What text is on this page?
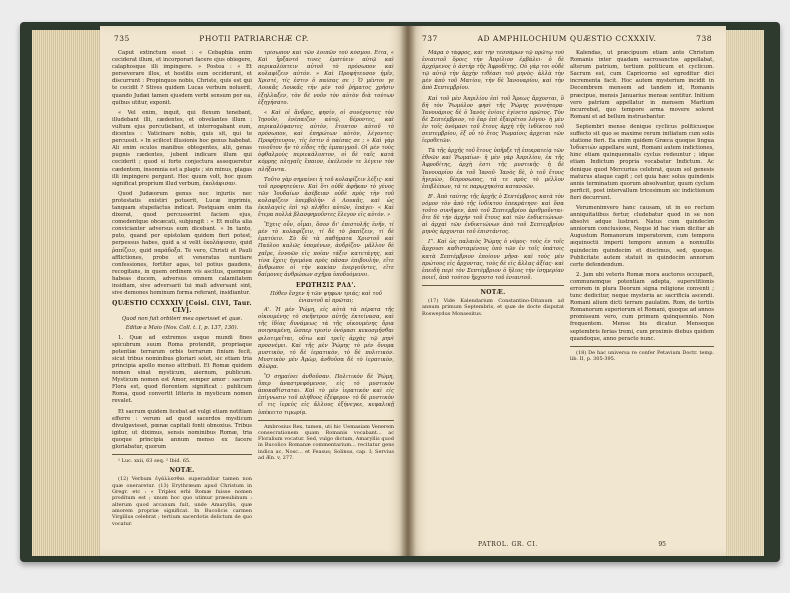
735	PHOTII PATRIARCHÆ CP.

Caput extinctum esset : « Cebaphia enim ceciderat illum, et incorporari facere ejus obiegere, calaphosque illi impingere. » Postea : « Et perseverare illos, et hostilis eum occiderunt, et discurrunt : Propinquos nobis, Christe, quis est qui te cecidit ? Stives quidem Lucas verbum noluerit, quando Judæi tamen ejusdem verbi sensum per ea, quibus utitur, exponit.

« Vel enim, inquit, qui flexum tenebant, illudebant illi, cædentes, et obvelantes illum : vultum ejus percutiebant, et interrogabant eum, dicentes : Vaticinare nobis, quis sit, qui te percussit. » In scilicet illusionis hoc genus habebat. Ali enim oculos manibus obtegentes, alii, genas pugnis cædentes, jubent indicare illum qui ceciderit ; quod si forte conjectura assequeretur cædentem, insomnia est a plagis ; sin minus, plagas illi impingere pergunt. Hoc quum volt, hoc quum significat proprium illud verbum, ἐκολάφισαν.

Quod Judæorum genus nec injuriis nec protestatis existiri potuerit, Lucæ inprimis, tanquam stupefactus indicat. Postquam enim ita dixerat, quod percusserint faciem ejus, comedentque obcæcati, subjungit : « Et multa alia convicianter adversus eum dicebant. » In tanto, puto, quand per epistolam quidem fieri potest, perpessus habes, quid a si velit ἐκολάφισαν, quid ῥαπίζειν, quid παράδοξα. Te vero, Christi et Pauli afflictiones, probe et veneratus nuntiare confessiones, fortiter agas, tel potius gaudens, recogitans, in quem ordinem vis ascitus, quemque habeas ducem, adversus omnem calamitatem insidiam, sive adversarii tui mali adversant sint, sive demones hominum forma referant, insidiantur.

QUÆSTIO CCXXXIV [Coisl. CLVI, Taur. CLV].

Quod non fuit orbiteri mea operisset et quæ.

Editæ a Maio (Nov. Coll. t. I, p. 137, 130).

1. Quæ ad extremos usque mundi fines spicubrum suum Roma protendit, propriaque potentiæ terrarum orbis terrarum finium fecit, sicut tribus nominibus gloriari solet, sic etiam tria principia apollo menso attribuit. Et Romæ quidem nomen sinat mysticum, aiernum, publicum. Mysticum nomen est Amor, semper amor : sacrum Flora est, quod florentem significat : publicum Roma, quod convertit litteris in mysticum nomen revalet.

Et sacrum quidem licebat ad vulgi etiam notitiam efferre : verum ad quod sacerdos mysticum divulgavisset, pœnæ capitali fonti obnoxius. Tribus igitur, ut diximus, sensis nominibus Romæ, tria quoque principia annum menso ex facere gloriabatur, quorum

¹ Luc. xxii, 63 seq. ² Ibid. 65.

NOTÆ.

(12) Verbum ἐγάλλεσθαι superaddiur tamen non quæ oneraretur. (13) Erythræum apud Christum in Gregr. etc : « Triplex erbi Romæ fuisse nomen proditum est ; unum hoc quo utimur præsubinum : alterum quod arcanum fuit, unde Amaryllis, quæ amorem propriæ significat. In Bucolicis carmen Virgilius celebrat ; tertium sacerdotis delictum de quo vocatur.

τρίσωπον καὶ τῶν λοιπῶν τοῦ κόσμου. Εἶτα, « Καὶ ἤρξαντό τινες ἐμπτύειν αὐτῷ καὶ περικαλύπτειν αὐτοῦ τὸ πρόσωπον καὶ κολαφίζειν αὐτόν. » Καὶ Προφήτευσον ἡμῖν, Χριστέ, τίς ἐστιν ὁ παίσας σε ; Ὁ μέντοι γε Λουκᾶς Λουκᾶς τὴν μὲν τοῦ ῥήματος χρῆσιν ἐξηλλαξεν, τὸν δὲ νοῦν τὸν αὐτὸν διὰ τούτων ἐξηγήσατο.

« Καὶ οἱ ἄνδρες, φησίν, οἱ συνέχοντες τὸν Ἰησοῦν, ἐνέπαιζον αὐτῷ, δέροντες, καὶ περικαλύψαντες αὐτὸν, ἔτυπτον αὐτοῦ τὸ πρόσωπον, καὶ ἐπηρώτων αὐτὸν, λέγοντες· Προφήτευσον, τίς ἐστιν ὁ παίσας σε ; » Καὶ γὰρ τοιοῦτον ἦν τὸ εἶδος τῆς ἐμπαιγμοῦ. Οἱ μὲν τοὺς ὀφθαλμοὺς περιεκάλυπτον, οἱ δὲ ταῖς κατὰ κόρρης πληγαῖς ἔπαιον, ἐκέλευόν τε λέγειν τὸν πλήξαντα.

Τοῦτο γὰρ σημαίνει ἡ τοῦ κολαφίζειν λέξις· καὶ τοῦ προφητεύειν. Καὶ ὅτι οὐδὲ ἀφῆκαν τὸ γένος τῶν Ἰουδαίων ἀσέβειαν οὐδὲ πρὸς τὴν τοῦ κολαφίζειν ὑπερβολὴν· ὁ Λουκᾶς, καὶ ὡς ἐκπλαγεὶς ἐπὶ τῷ πλήθει αὐτῶν, ἐπάγει· « Καὶ ἕτερα πολλὰ βλασφημοῦντες ἔλεγον εἰς αὐτόν. »

Ἔχεις οὖν, οἶμαι, ὅσον δι' ἐπιστολῆς ἐνῆν, τί μὲν τὸ κολαφίζειν, τί δὲ τὸ ῥαπίζειν, τί δὲ ἐμπτύειν. Σὺ δὲ τὰ παθήματα Χριστοῦ καὶ Παύλου καλῶς ὑπομένων, ἀνδρίζου· μᾶλλον δὲ χαῖρε, ἐννοῶν εἰς ποίαν τάξιν κατετάγης, καὶ τίνα ἔχεις ἡγεμόνα πρὸς πᾶσαν ἐπιβουλὴν, εἴτε ἄνθρωποι οἱ τὴν κακίαν ἐνεργοῦντες, εἴτε δαίμονες ἀνθρώπων σχῆμα ὑποδυόμενοι.

ΕΡΩΤΗΣΙΣ ΡΛΔ'.

Πόθεν ἔσχεν ἡ τῶν ψηφων τριάς; καὶ τοῦ ἐνιαυτοῦ αἱ πρῶται;

Α'. Ἡ μὲν Ῥώμη, εἰς αὐτὰ τὰ πέρατα τῆς οἰκουμένης τὸ σκῆπτρον αὐτῆς ἐκτείνασα, καὶ τῆς ἰδίας δυνάμεως τὰ τῆς οἰκουμένης ὅρια ποιησαμένη, ὥσπερ τρισὶν ὀνόμασι κεκοσμῆσθαι φιλοτιμεῖται, οὕτω καὶ τρεῖς ἀρχὰς τῷ μηνὶ προσνέμει. Καὶ τῆς μὲν Ῥώμης τὸ μὲν ὄνομα μυστικὸν, τὸ δὲ ἱερατικὸν, τὸ δὲ πολιτικόν. Μυστικὸν μὲν Ἀμὼρ, ἀνθοῦσα δὲ τὸ ἱερατικὸν, Φλῶρα.

Ὃ σημαίνει ἀνθοῦσαν. Πολιτικὸν δὲ Ῥώμη, ὅπερ ἀναστρεφόμενον, εἰς τὸ μυστικὸν ἀποκαθίσταται. Καὶ τὸ μὲν ἱερατικὸν καὶ εἰς ἐπίγνωσιν τοῦ πλήθους ἐξέφερον· τὸ δὲ μυστικὸν εἴ τις ἱερεὺς εἰς ἄλλους ἐξήνεγκε, κεφαλικῇ ὑπέκειτο τιμωρίᾳ.

Ambrosius Rex, tamen, uti hic Uemasiam Venerem consecrationem quam Romanis vocabant... ac Floralium vocatur. Sed, vulgo dictum, Amaryllis quod in Bucolico Romanæ commentarium... recitatur gens indica ac, Nosc... et Feasus; Solinus, cap. I; Servius ad Æn. v, 277.

737	AD AMPHILOCHIUM QUÆSTIO CCXXXIV.	738

Μάρα ὁ τάφρος, καὶ τὴν τεσσάρων τῷ πρῶτῳ τοῦ ἐνιαυτοῦ ὅροις τὴν Ἀπρίλιον ἐμβάλει· ὁ δὲ ἀρχόμενος ὁ ἀστὴρ τῆς Ἀφροδίτης. Οὐ γὰρ τοι οὐδὲ τῷ αὐτῷ τὴν ἀρχὴν τιθέασι τοῦ μηνὸς· ἀλλὰ τὴν μὲν ἀπὸ τοῦ Ματίου, τὴν δὲ Ἰανουαρίου, καὶ τὴν ἀπὸ Σεπτεμβρίου.

Καὶ τοῦ μὲν Ἀπριλίου ἐπὶ τοῦ Ἄρεως ἄρχονται, ὃ δὴ τὸν Ῥωμύλον φησὶ τῆς Ῥώμης γεννήτορα· Ἰανουάριος δὲ ὁ Ἰανὸς ἐνίοις ἐγίνετο πρῶτος. Τὸν δὲ Σεπτέμβριον, τὸ ἔαρ ἐπὶ ἐξαιρέτου λόγου· ἡ μὲν ἐν τοῖς ὀνόμασι τοῦ ἔτους ἀρχὴ τῆς ἰνδίκτου τοῦ σεπτεμβρίου, ἐξ οὗ τὸ ἔτος Ῥωμαίοις ἀρχεται τῶν ἱεροθετῶν.

Τὰ τῆς ἀρχῆς τοῦ ἔτους ὑπῆρξε τῇ ἐπικρατείᾳ τῶν ἐθνῶν καὶ Ῥωμαίων· ἡ μὲν γὰρ Ἀπριλίου, ἐκ τῆς Ἀφροδίτης, ἀρχὴ ἐστι τῆς μυστικῆς· ἡ δὲ Ἰανουαρίου ἐκ τοῦ Ἰανοῦ· Ἰανὸς δὲ, ὁ τοῦ ἔτους ἡγεμὼν, δίπροσωπος, τά τε πρὸς τὸ μέλλον ἐπιβλέπων, τά τε παρῳχηκότα κατανοῶν.

Β'. Ἀπὸ ταύτης τῆς ἀρχῆς ὁ Σεπτέμβριος κατὰ τὸν νόμον τὸν ἀπὸ τῆς ἰνδίκτου ἐπεκράτησε· καὶ ὅσα τοῦτο συνῆψεν, ἀπὸ τοῦ Σεπτεμβρίου ἀριθμοῦνται· ὅτε δὲ τὴν ἀρχὴν τοῦ ἔτους καὶ τῶν ἐνδικτιώνων· αἱ ἀρχαὶ τῶν ἐνδικτιώνων ἀπὸ τοῦ Σεπτεμβρίου μηνὸς ἀρχονται τοῦ ἐπιστάντος.

Γ'. Καὶ ὡς παλαιὸς Ῥώμης ὁ νόμος· τοὺς ἐν τοῖς ἄρχουσι καθισταμένους ὑπὸ τῶν ἐν τοῖς ὑπάτοις κατὰ Σεπτέμβριον ἐποίουν μῆνα· καὶ τοὺς μὲν πρώτους εἰς ἄρχοντας, τοὺς δὲ εἰς ἄλλας ἀξίας· καὶ ἐπειδὴ περὶ τὸν Σεπτέμβριον ὁ ἥλιος τὴν ἰσημερίαν ποιεῖ, ἀπὸ τούτου ἤρχοντο τοῦ ἐνιαυτοῦ.

NOTÆ.

(17) Vide Kalendarium Constantino-Ditanum ad annum primum Septembris, et quæ de docte disputat Rosweydus Monsesitus.

Kalendas, ut præcipuum etiam ante Christum Romanis inter quadam sacrosanctos appellabat, alterum patrium, tertium politicum et cyclicum. Sacrum est, cum Capricorno sol egreditur dici incrementa facit. Hoc autem mysterium incidit in Decembrem mensem ad tandem id, Romanis præcipue, mensis Januarius mensæ sentitur. Initium vero patrium appellatur in mensem Martium incurrebat, quo tempore arma movere soleret Romani et ad bellum instruebantur.

Septembri mense denique cyclicus politicusque suffecto sit quo se maxime rerum initiatum cum solis statione fieri. Ea enim quidem Græca quoque lingua Ἰνδικτιών appellare sunt, Romani autem indictiones, hinc etiam quinquennalis cyclus redeuntur ; idque etiam Indictum propria vocabatur Indictum. Ac denique quod Mercurius celebrat, quum sol genesis maturus ataque capit ; cet quia hæc solus quindenis annis terminatum quorum absolvantur, quum cyclum perficit, post intervallum tricesimum sic indictionum fieri decurrunt.

Verumenimvero hanc causam, ut in eo rectum anniquitatibus fertur, cludebatur quod in se non absolvi adque lustrari. Natus cum quindecim anniorum conclusione, Neque id hac viam dicitur ab Augustum Romanorum imperatorem, cum tempora æquinoctii imperii tempore annum a nonnullis quindecim quindecim et discimus, sed, quoque. Publicitate autem statuit in quindecim annorum certe defendendum.

2. Jam ubi veteris Romæ mora auctores occuparit, communemque potentiam adepta, superstitionis errorem in plura Deorum signa religione conventi ; tunc dedicitur, neque mysteria ac sacrificia ascendi. Romani alium dicti terram paulatim. Rom, de tertiis Romanorum superiorum et Romani, quoque ad annos promissum vero, cum primum quinquennio. Non frequentem. Mense bis dicatur. Menseque septembris ferias tremi, cum proximis diebus quidem quandoque, anno peracto nunc.

(18) De hac universa re confer Petavium Doctr. temp. lib. II, p. 305-395.

PATROL. GR. CI.	95
